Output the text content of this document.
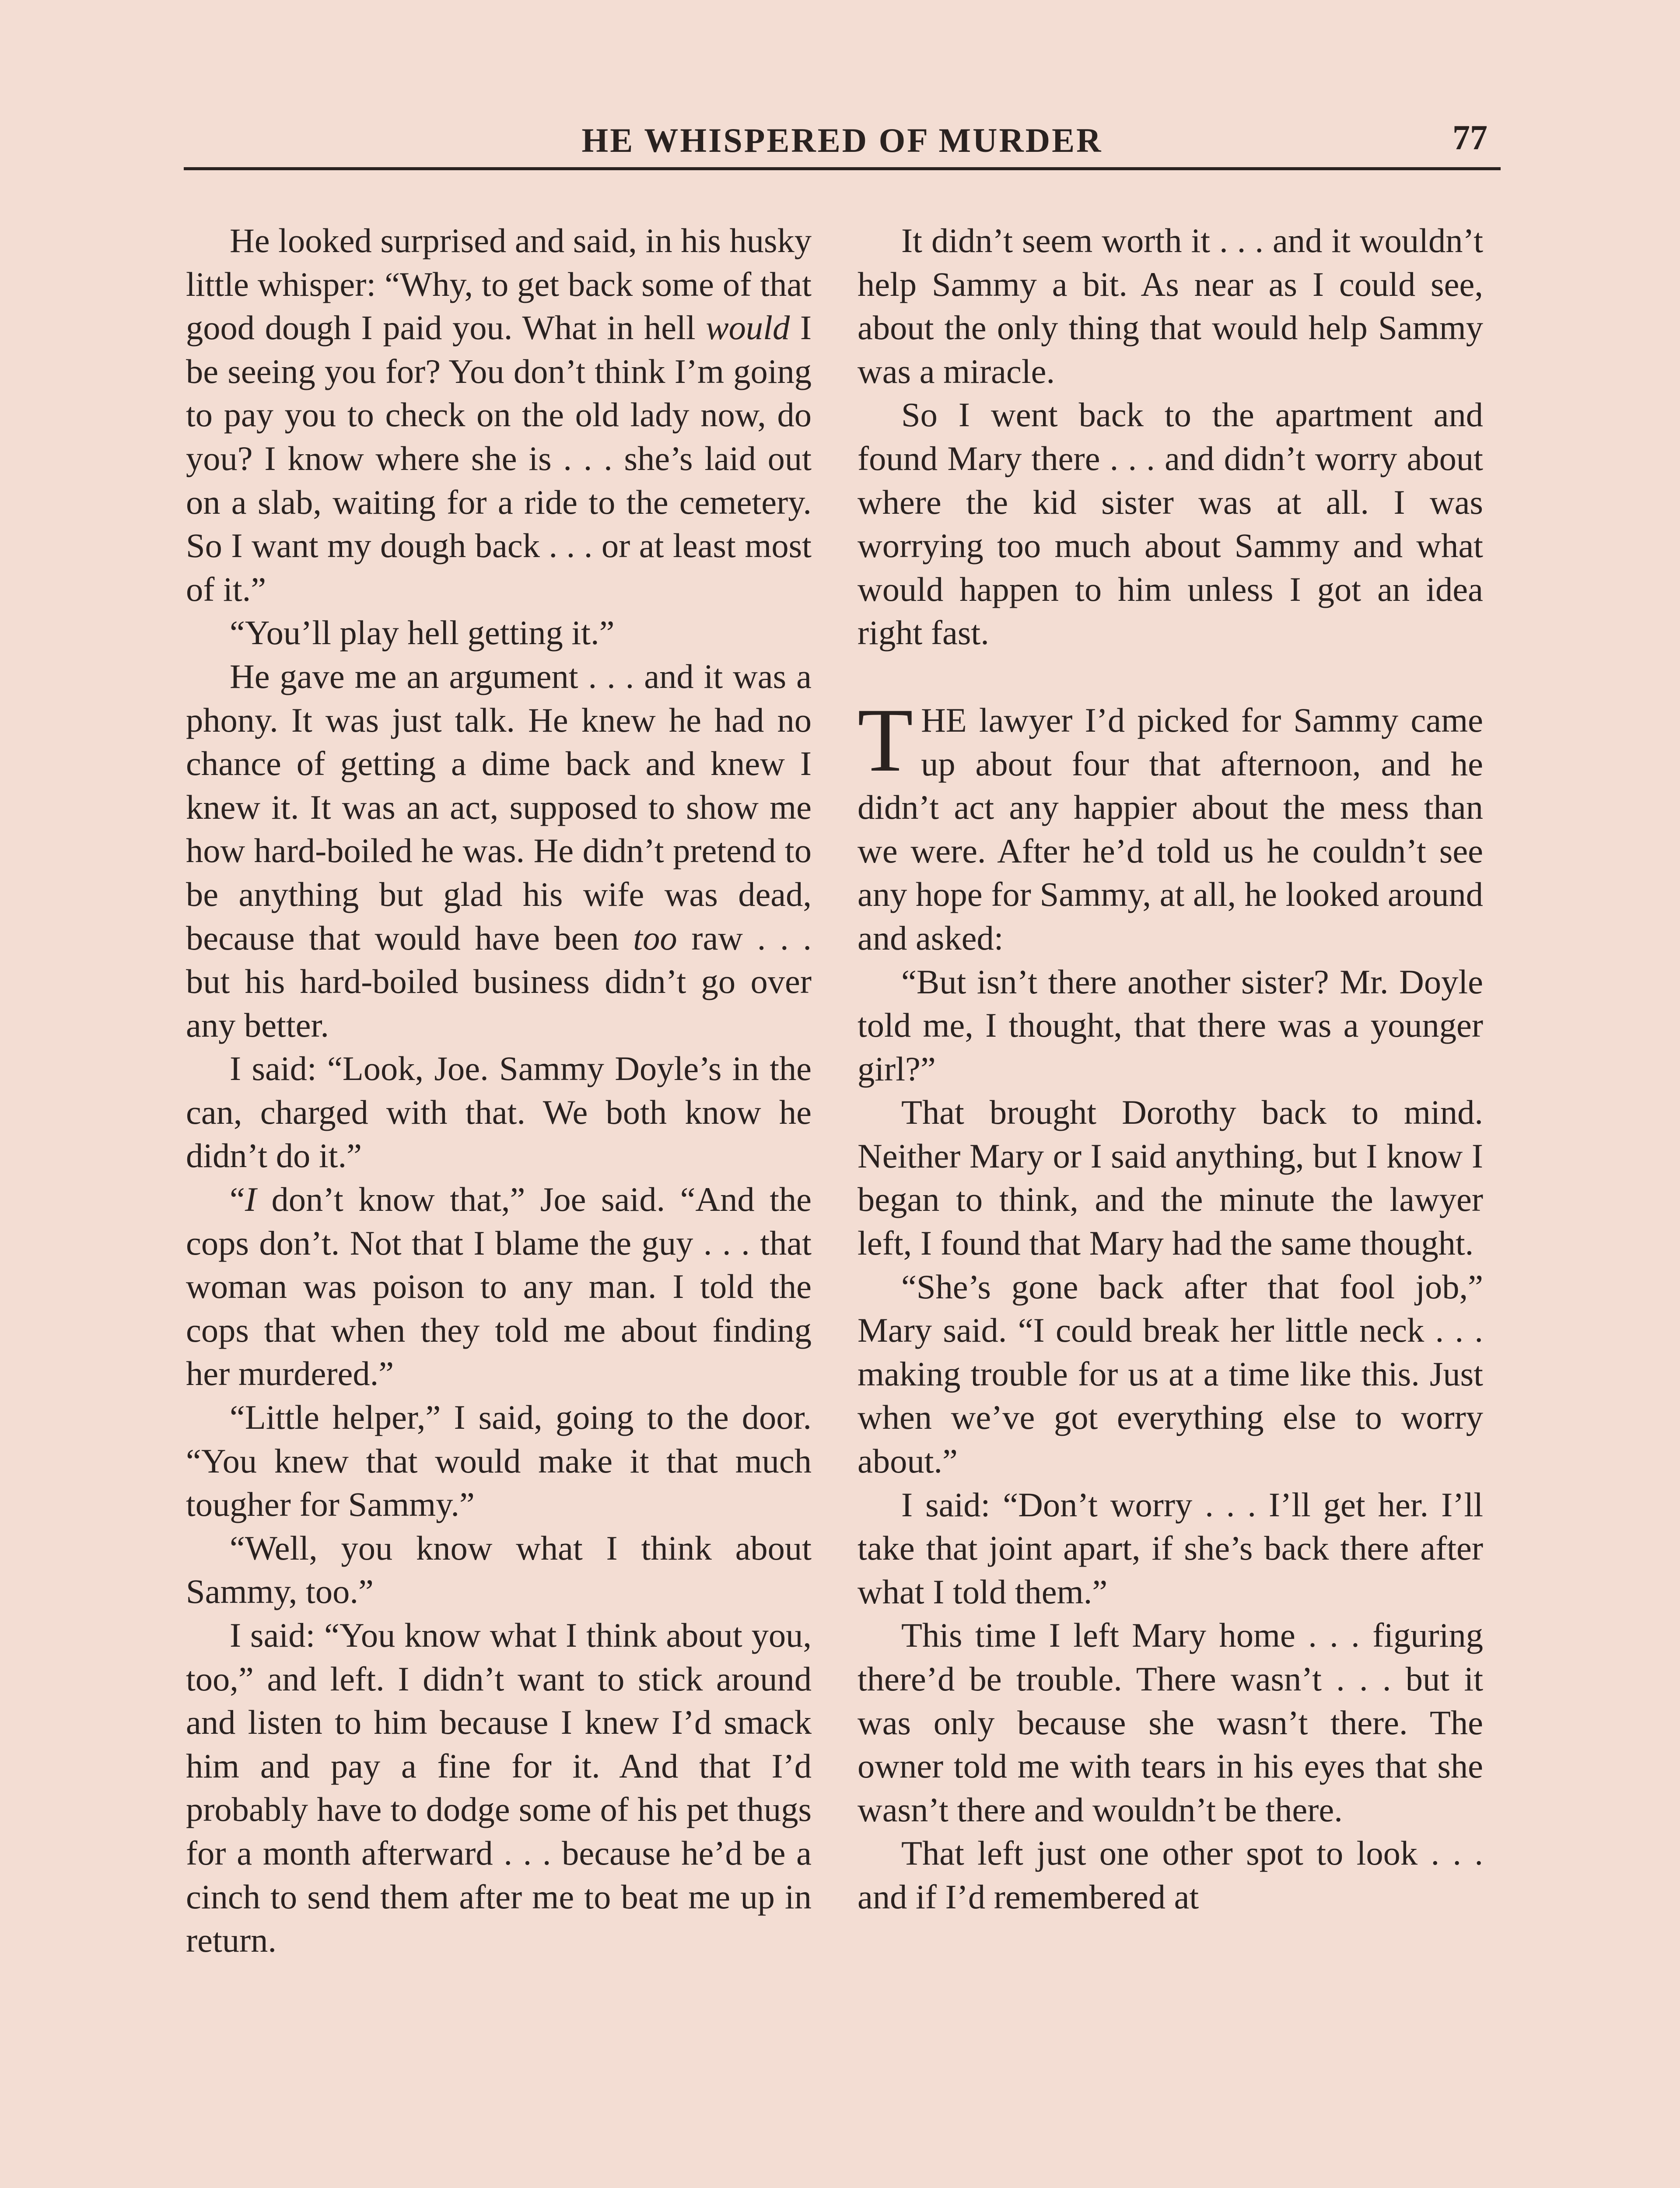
HE WHISPERED OF MURDER	77

He looked surprised and said, in his husky little whisper: “Why, to get back some of that good dough I paid you. What in hell would I be seeing you for? You don’t think I’m going to pay you to check on the old lady now, do you? I know where she is . . . she’s laid out on a slab, waiting for a ride to the cemetery. So I want my dough back . . . or at least most of it.”

“You’ll play hell getting it.”

He gave me an argument . . . and it was a phony. It was just talk. He knew he had no chance of getting a dime back and knew I knew it. It was an act, supposed to show me how hard-boiled he was. He didn’t pretend to be anything but glad his wife was dead, because that would have been too raw . . . but his hard-boiled business didn’t go over any better.

I said: “Look, Joe. Sammy Doyle’s in the can, charged with that. We both know he didn’t do it.”

“I don’t know that,” Joe said. “And the cops don’t. Not that I blame the guy . . . that woman was poison to any man. I told the cops that when they told me about finding her murdered.”

“Little helper,” I said, going to the door. “You knew that would make it that much tougher for Sammy.”

“Well, you know what I think about Sammy, too.”

I said: “You know what I think about you, too,” and left. I didn’t want to stick around and listen to him because I knew I’d smack him and pay a fine for it. And that I’d probably have to dodge some of his pet thugs for a month afterward . . . because he’d be a cinch to send them after me to beat me up in return.

It didn’t seem worth it . . . and it wouldn’t help Sammy a bit. As near as I could see, about the only thing that would help Sammy was a miracle.

So I went back to the apartment and found Mary there . . . and didn’t worry about where the kid sister was at all. I was worrying too much about Sammy and what would happen to him unless I got an idea right fast.

THE lawyer I’d picked for Sammy came up about four that afternoon, and he didn’t act any happier about the mess than we were. After he’d told us he couldn’t see any hope for Sammy, at all, he looked around and asked:

“But isn’t there another sister? Mr. Doyle told me, I thought, that there was a younger girl?”

That brought Dorothy back to mind. Neither Mary or I said anything, but I know I began to think, and the minute the lawyer left, I found that Mary had the same thought.

“She’s gone back after that fool job,” Mary said. “I could break her little neck . . . making trouble for us at a time like this. Just when we’ve got everything else to worry about.”

I said: “Don’t worry . . . I’ll get her. I’ll take that joint apart, if she’s back there after what I told them.”

This time I left Mary home . . . figuring there’d be trouble. There wasn’t . . . but it was only because she wasn’t there. The owner told me with tears in his eyes that she wasn’t there and wouldn’t be there.

That left just one other spot to look . . . and if I’d remembered at
